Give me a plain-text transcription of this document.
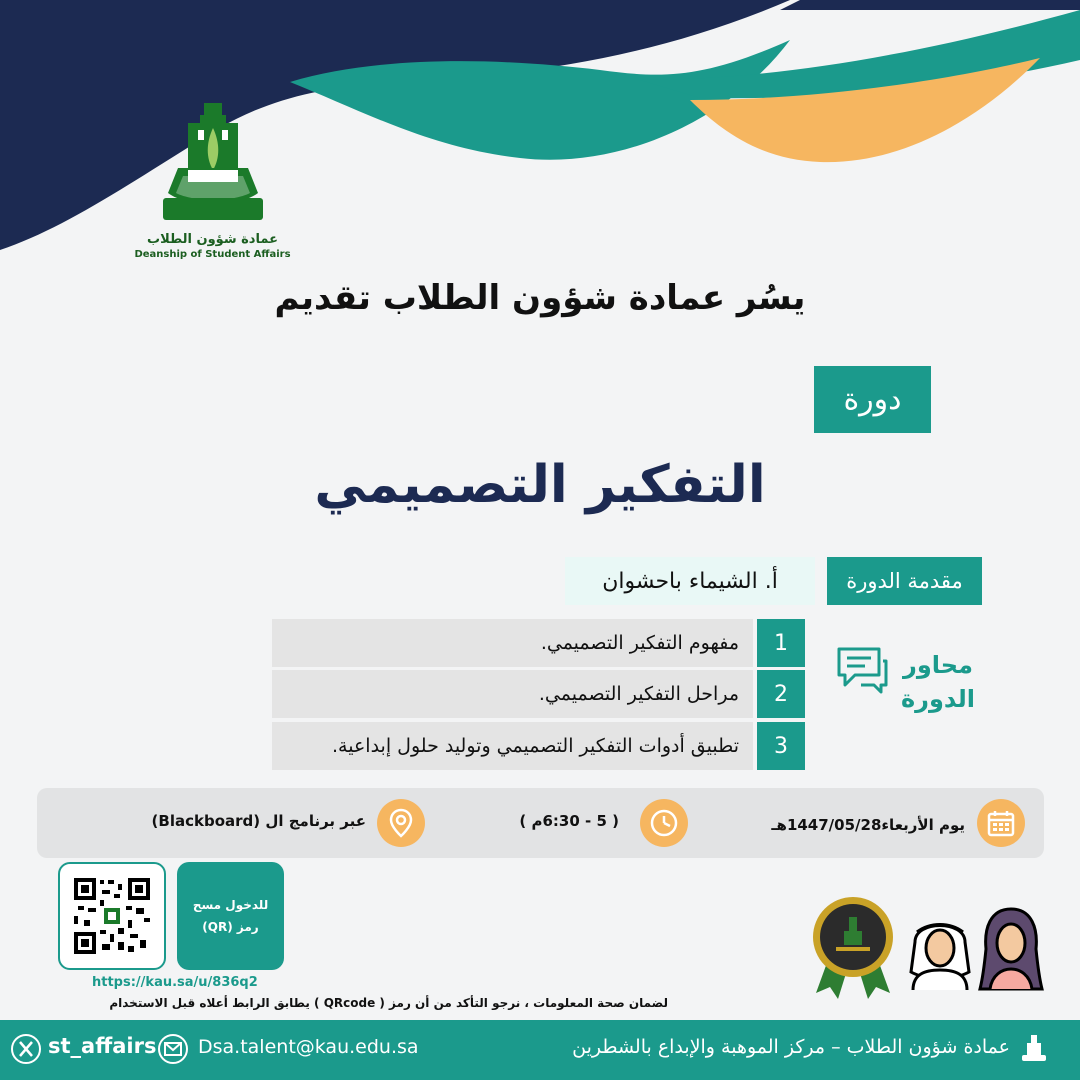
عمادة شؤون الطلاب
Deanship of Student Affairs
يسُر عمادة شؤون الطلاب تقديم
دورة
التفكير التصميمي
مقدمة الدورة
أ. الشيماء باحشوان
محاور
الدورة
1
مفهوم التفكير التصميمي.
2
مراحل التفكير التصميمي.
3
تطبيق أدوات التفكير التصميمي وتوليد حلول إبداعية.
يوم الأربعاء1447/05/28هـ
( 5 - 6:30م )
عبر برنامج ال (Blackboard)
للدخول مسح
رمز (QR)
https://kau.sa/u/836q2
لضمان صحة المعلومات ، نرجو التأكد من أن رمز ( QRcode ) يطابق الرابط أعلاه قبل الاستخدام
عمادة شؤون الطلاب – مركز الموهبة والإبداع بالشطرين
Dsa.talent@kau.edu.sa
st_affairs
